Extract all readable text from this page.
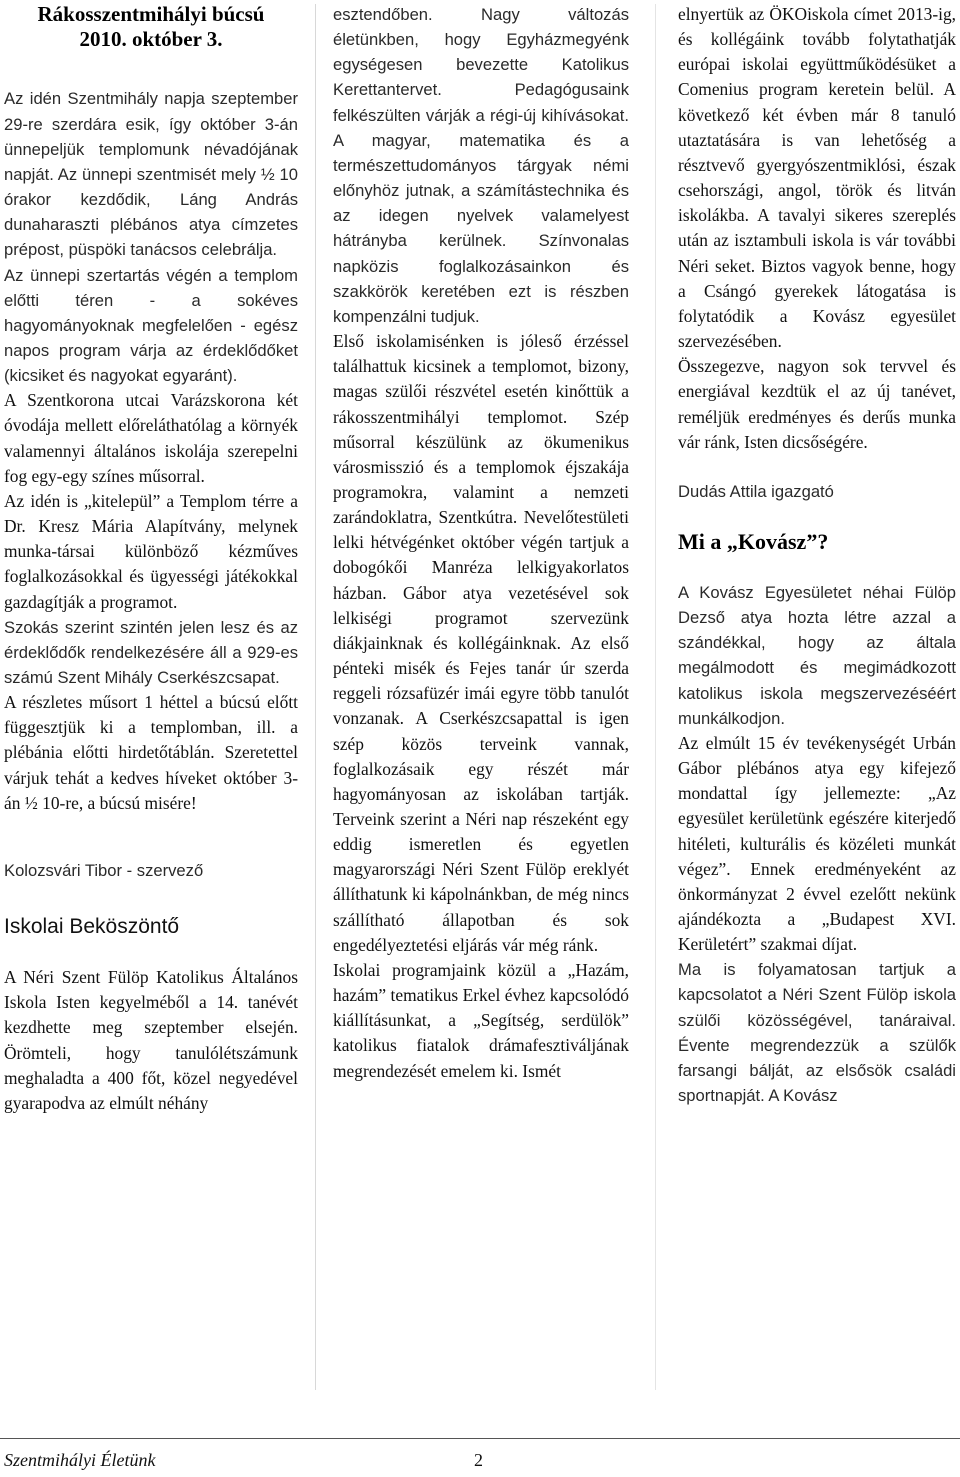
Rákosszentmihályi búcsú
2010. október 3.

Az idén Szentmihály napja szeptember 29-re szerdára esik, így október 3-án ünnepeljük templomunk névadójának napját. Az ünnepi szentmisét mely ½ 10 órakor kezdődik, Láng András dunaharaszti plébános atya címzetes prépost, püspöki tanácsos celebrálja.

Az ünnepi szertartás végén a templom előtti téren - a sokéves hagyományoknak megfelelően - egész napos program várja az érdeklődőket (kicsiket és nagyokat egyaránt).

A Szentkorona utcai Varázskorona két óvodája mellett előreláthatólag a környék valamennyi általános iskolája szerepelni fog egy-egy színes műsorral.

Az idén is „kitelepül” a Templom térre a Dr. Kresz Mária Alapítvány, melynek munka-társai különböző kézműves foglalkozásokkal és ügyességi játékokkal gazdagítják a programot.

Szokás szerint szintén jelen lesz és az érdeklődők rendelkezésére áll a 929-es számú Szent Mihály Cserkészcsapat.

A részletes műsort 1 héttel a búcsú előtt függesztjük ki a templomban, ill. a plébánia előtti hirdetőtáblán. Szeretettel várjuk tehát a kedves híveket október 3-án ½ 10-re, a búcsú misére!

Kolozsvári Tibor - szervező

Iskolai Beköszöntő

A Néri Szent Fülöp Katolikus Általános Iskola Isten kegyelméből a 14. tanévét kezdhette meg szeptember elsején. Örömteli, hogy tanulólétszámunk meghaladta a 400 főt, közel negyedével gyarapodva az elmúlt néhány

esztendőben. Nagy változás életünkben, hogy Egyházmegyénk egységesen bevezette Katolikus Kerettantervet. Pedagógusaink felkészülten várják a régi-új kihívásokat. A magyar, matematika és a természettudományos tárgyak némi előnyhöz jutnak, a számítástechnika és az idegen nyelvek valamelyest hátrányba kerülnek. Színvonalas napközis foglalkozásainkon és szakkörök keretében ezt is részben kompenzálni tudjuk.

Első iskolamisénken is jóleső érzéssel találhattuk kicsinek a templomot, bizony, magas szülői részvétel esetén kinőttük a rákosszentmihályi templomot. Szép műsorral készülünk az ökumenikus városmisszió és a templomok éjszakája programokra, valamint a nemzeti zarándoklatra, Szentkútra. Nevelőtestületi lelki hétvégénket október végén tartjuk a dobogókői Manréza lelkigyakorlatos házban. Gábor atya vezetésével sok lelkiségi programot szervezünk diákjainknak és kollégáinknak. Az első pénteki misék és Fejes tanár úr szerda reggeli rózsafüzér imái egyre több tanulót vonzanak. A Cserkészcsapattal is igen szép közös terveink vannak, foglalkozásaik egy részét már hagyományosan az iskolában tartják. Terveink szerint a Néri nap részeként egy eddig ismeretlen és egyetlen magyarországi Néri Szent Fülöp ereklyét állíthatunk ki kápolnánkban, de még nincs szállítható állapotban és sok engedélyeztetési eljárás vár még ránk.

Iskolai programjaink közül a „Hazám, hazám” tematikus Erkel évhez kapcsolódó kiállításunkat, a „Segítség, serdülök” katolikus fiatalok drámafesztiváljának megrendezését emelem ki. Ismét

elnyertük az ÖKOiskola címet 2013-ig, és kollégáink tovább folytathatják európai iskolai együttműködésüket a Comenius program keretein belül. A következő két évben már 8 tanuló utaztatására is van lehetőség a résztvevő gyergyószentmiklósi, észak csehországi, angol, török és litván iskolákba. A tavalyi sikeres szereplés után az isztambuli iskola is vár további Néri seket. Biztos vagyok benne, hogy a Csángó gyerekek látogatása is folytatódik a Kovász egyesület szervezésében.

Összegezve, nagyon sok tervvel és energiával kezdtük el az új tanévet, reméljük eredményes és derűs munka vár ránk, Isten dicsőségére.

Dudás Attila igazgató

Mi a „Kovász”?

A Kovász Egyesületet néhai Fülöp Dezső atya hozta létre azzal a szándékkal, hogy az általa megálmodott és megimádkozott katolikus iskola megszervezéséért munkálkodjon.

Az elmúlt 15 év tevékenységét Urbán Gábor plébános atya egy kifejező mondattal így jellemezte: „Az egyesület kerületünk egészére kiterjedő hitéleti, kulturális és közéleti munkát végez”. Ennek eredményeként az önkormányzat 2 évvel ezelőtt nekünk ajándékozta a „Budapest XVI. Kerületért” szakmai díjat.

Ma is folyamatosan tartjuk a kapcsolatot a Néri Szent Fülöp iskola szülői közösségével, tanáraival. Évente megrendezzük a szülők farsangi bálját, az elsősök családi sportnapját. A Kovász

Szentmihályi Életünk	2
